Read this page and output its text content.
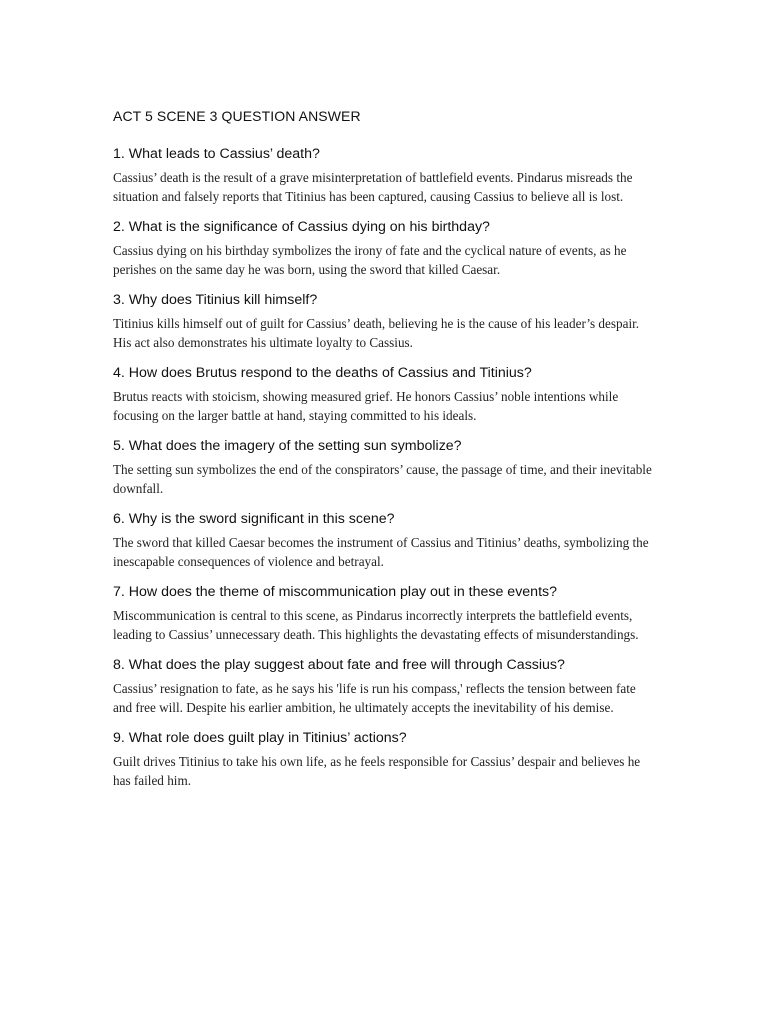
ACT 5 SCENE 3 QUESTION ANSWER
1. What leads to Cassius’ death?

Cassius’ death is the result of a grave misinterpretation of battlefield events. Pindarus misreads the situation and falsely reports that Titinius has been captured, causing Cassius to believe all is lost.

2. What is the significance of Cassius dying on his birthday?

Cassius dying on his birthday symbolizes the irony of fate and the cyclical nature of events, as he perishes on the same day he was born, using the sword that killed Caesar.

3. Why does Titinius kill himself?

Titinius kills himself out of guilt for Cassius’ death, believing he is the cause of his leader’s despair. His act also demonstrates his ultimate loyalty to Cassius.

4. How does Brutus respond to the deaths of Cassius and Titinius?

Brutus reacts with stoicism, showing measured grief. He honors Cassius’ noble intentions while focusing on the larger battle at hand, staying committed to his ideals.

5. What does the imagery of the setting sun symbolize?

The setting sun symbolizes the end of the conspirators’ cause, the passage of time, and their inevitable downfall.

6. Why is the sword significant in this scene?

The sword that killed Caesar becomes the instrument of Cassius and Titinius’ deaths, symbolizing the inescapable consequences of violence and betrayal.

7. How does the theme of miscommunication play out in these events?

Miscommunication is central to this scene, as Pindarus incorrectly interprets the battlefield events, leading to Cassius’ unnecessary death. This highlights the devastating effects of misunderstandings.

8. What does the play suggest about fate and free will through Cassius?

Cassius’ resignation to fate, as he says his 'life is run his compass,' reflects the tension between fate and free will. Despite his earlier ambition, he ultimately accepts the inevitability of his demise.

9. What role does guilt play in Titinius’ actions?

Guilt drives Titinius to take his own life, as he feels responsible for Cassius’ despair and believes he has failed him.
